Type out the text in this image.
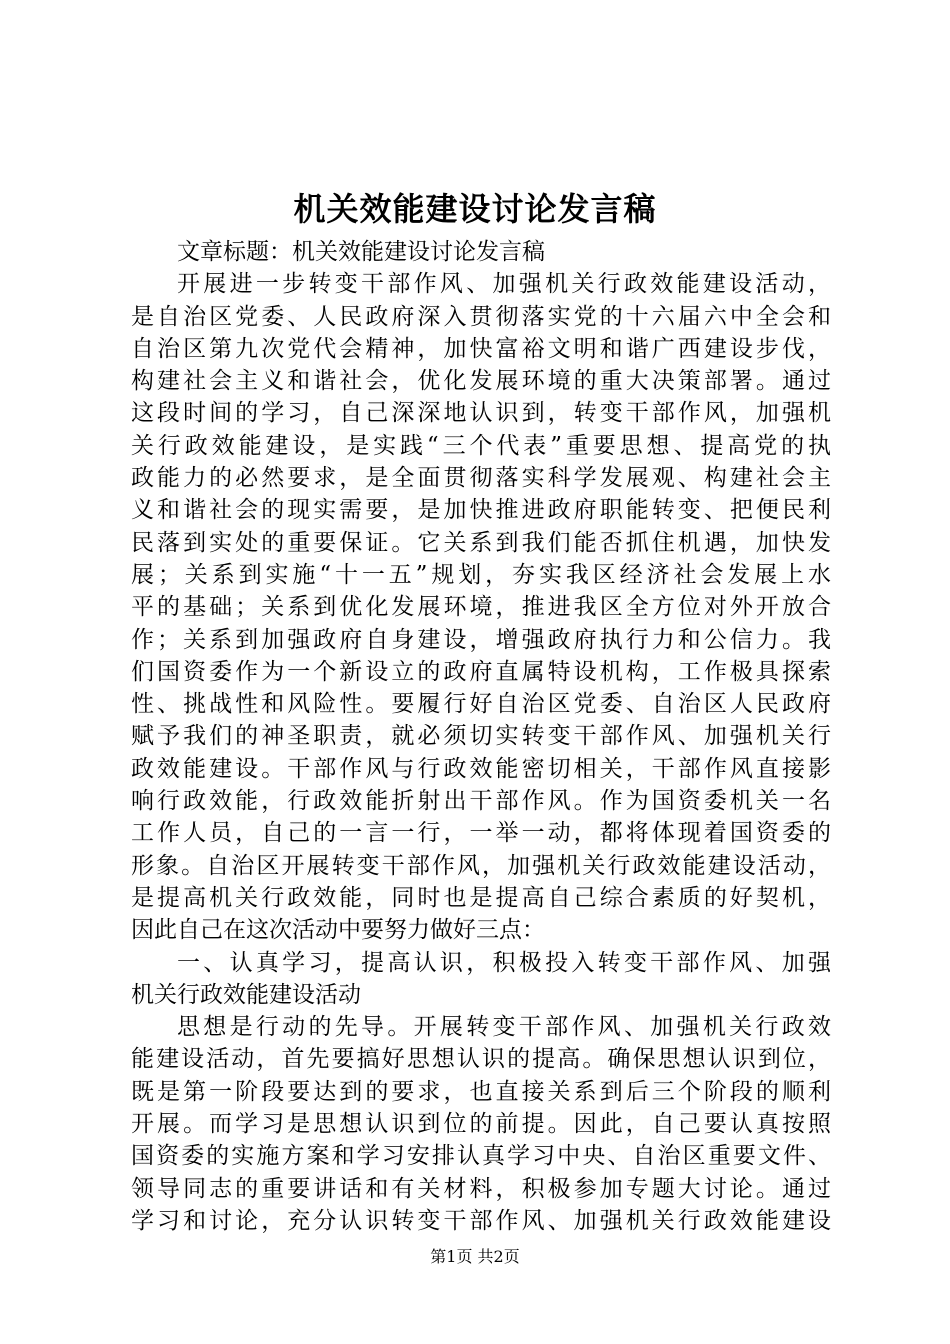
机关效能建设讨论发言稿
文章标题：机关效能建设讨论发言稿
开展进一步转变干部作风、加强机关行政效能建设活动，
是自治区党委、人民政府深入贯彻落实党的十六届六中全会和
自治区第九次党代会精神，加快富裕文明和谐广西建设步伐，
构建社会主义和谐社会，优化发展环境的重大决策部署。通过
这段时间的学习，自己深深地认识到，转变干部作风，加强机
关行政效能建设，是实践“三个代表”重要思想、提高党的执
政能力的必然要求，是全面贯彻落实科学发展观、构建社会主
义和谐社会的现实需要，是加快推进政府职能转变、把便民利
民落到实处的重要保证。它关系到我们能否抓住机遇，加快发
展；关系到实施“十一五”规划，夯实我区经济社会发展上水
平的基础；关系到优化发展环境，推进我区全方位对外开放合
作；关系到加强政府自身建设，增强政府执行力和公信力。我
们国资委作为一个新设立的政府直属特设机构，工作极具探索
性、挑战性和风险性。要履行好自治区党委、自治区人民政府
赋予我们的神圣职责，就必须切实转变干部作风、加强机关行
政效能建设。干部作风与行政效能密切相关，干部作风直接影
响行政效能，行政效能折射出干部作风。作为国资委机关一名
工作人员，自己的一言一行，一举一动，都将体现着国资委的
形象。自治区开展转变干部作风，加强机关行政效能建设活动，
是提高机关行政效能，同时也是提高自己综合素质的好契机，
因此自己在这次活动中要努力做好三点：
一、认真学习，提高认识，积极投入转变干部作风、加强
机关行政效能建设活动
思想是行动的先导。开展转变干部作风、加强机关行政效
能建设活动，首先要搞好思想认识的提高。确保思想认识到位，
既是第一阶段要达到的要求，也直接关系到后三个阶段的顺利
开展。而学习是思想认识到位的前提。因此，自己要认真按照
国资委的实施方案和学习安排认真学习中央、自治区重要文件、
领导同志的重要讲话和有关材料，积极参加专题大讨论。通过
学习和讨论，充分认识转变干部作风、加强机关行政效能建设
第1页 共2页
